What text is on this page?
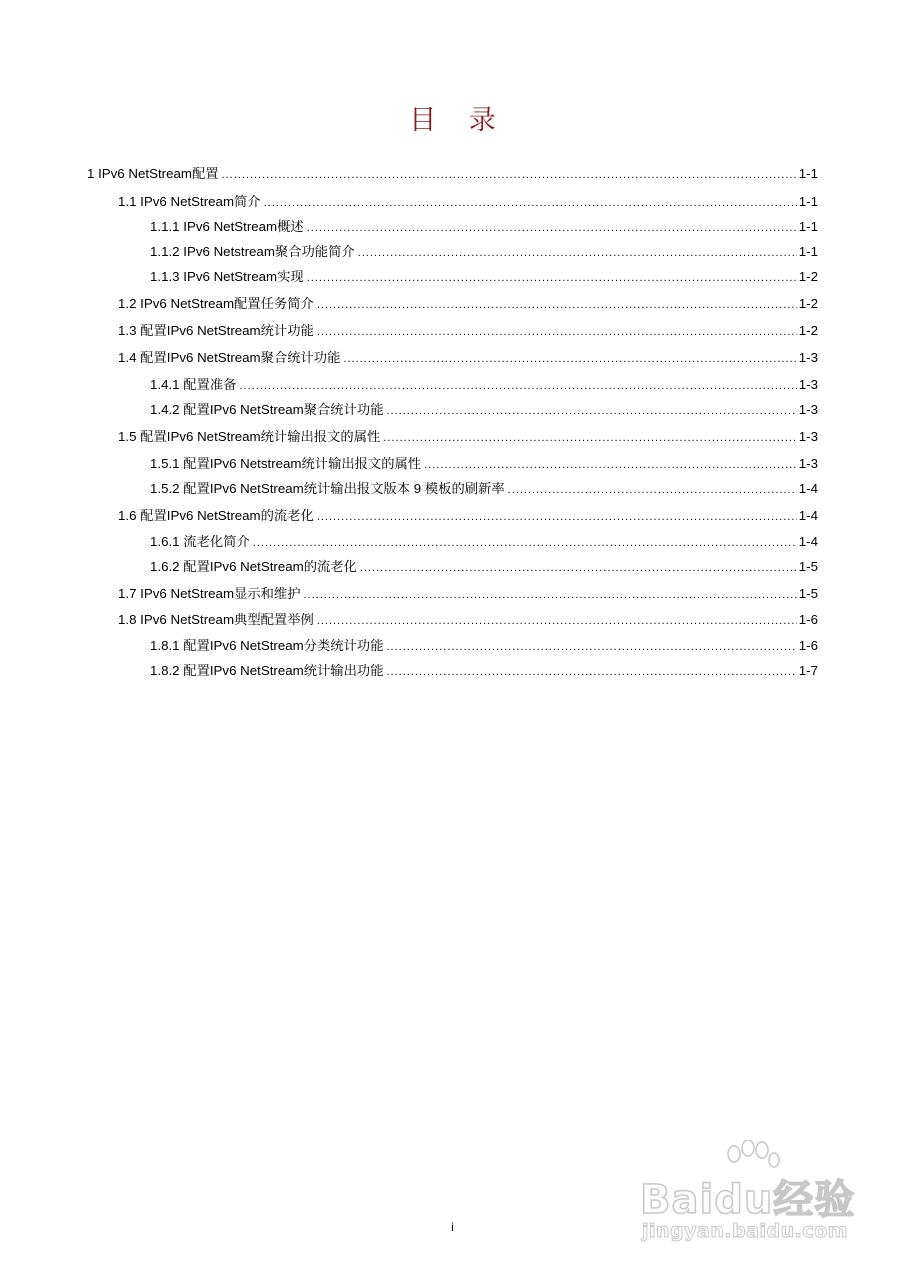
目 录
1 IPv6 NetStream配置 .....	1-1
1.1 IPv6 NetStream简介 .....	1-1
1.1.1 IPv6 NetStream概述 .....	1-1
1.1.2 IPv6 Netstream聚合功能简介 .....	1-1
1.1.3 IPv6 NetStream实现 .....	1-2
1.2 IPv6 NetStream配置任务简介 .....	1-2
1.3 配置IPv6 NetStream统计功能 .....	1-2
1.4 配置IPv6 NetStream聚合统计功能 .....	1-3
1.4.1 配置准备 .....	1-3
1.4.2 配置IPv6 NetStream聚合统计功能 .....	1-3
1.5 配置IPv6 NetStream统计输出报文的属性 .....	1-3
1.5.1 配置IPv6 Netstream统计输出报文的属性 .....	1-3
1.5.2 配置IPv6 NetStream统计输出报文版本 9 模板的刷新率 .....	1-4
1.6 配置IPv6 NetStream的流老化 .....	1-4
1.6.1 流老化简介 .....	1-4
1.6.2 配置IPv6 NetStream的流老化 .....	1-5
1.7 IPv6 NetStream显示和维护 .....	1-5
1.8 IPv6 NetStream典型配置举例 .....	1-6
1.8.1 配置IPv6 NetStream分类统计功能 .....	1-6
1.8.2 配置IPv6 NetStream统计输出功能 .....	1-7
i
Baidu经验
jingyan.baidu.com
